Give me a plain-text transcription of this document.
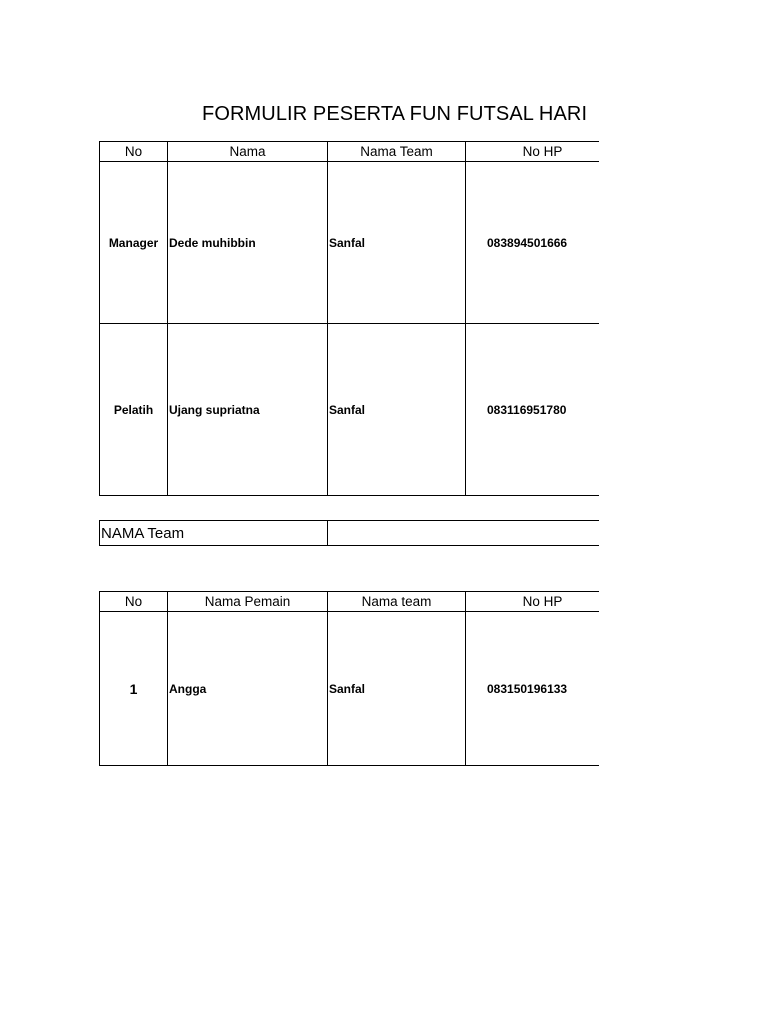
FORMULIR PESERTA FUN FUTSAL HARI
No	Nama	Nama Team	No HP
Manager	Dede muhibbin	Sanfal	083894501666
Pelatih	Ujang supriatna	Sanfal	083116951780
NAMA Team	
No	Nama Pemain	Nama team	No HP
1	Angga	Sanfal	083150196133
